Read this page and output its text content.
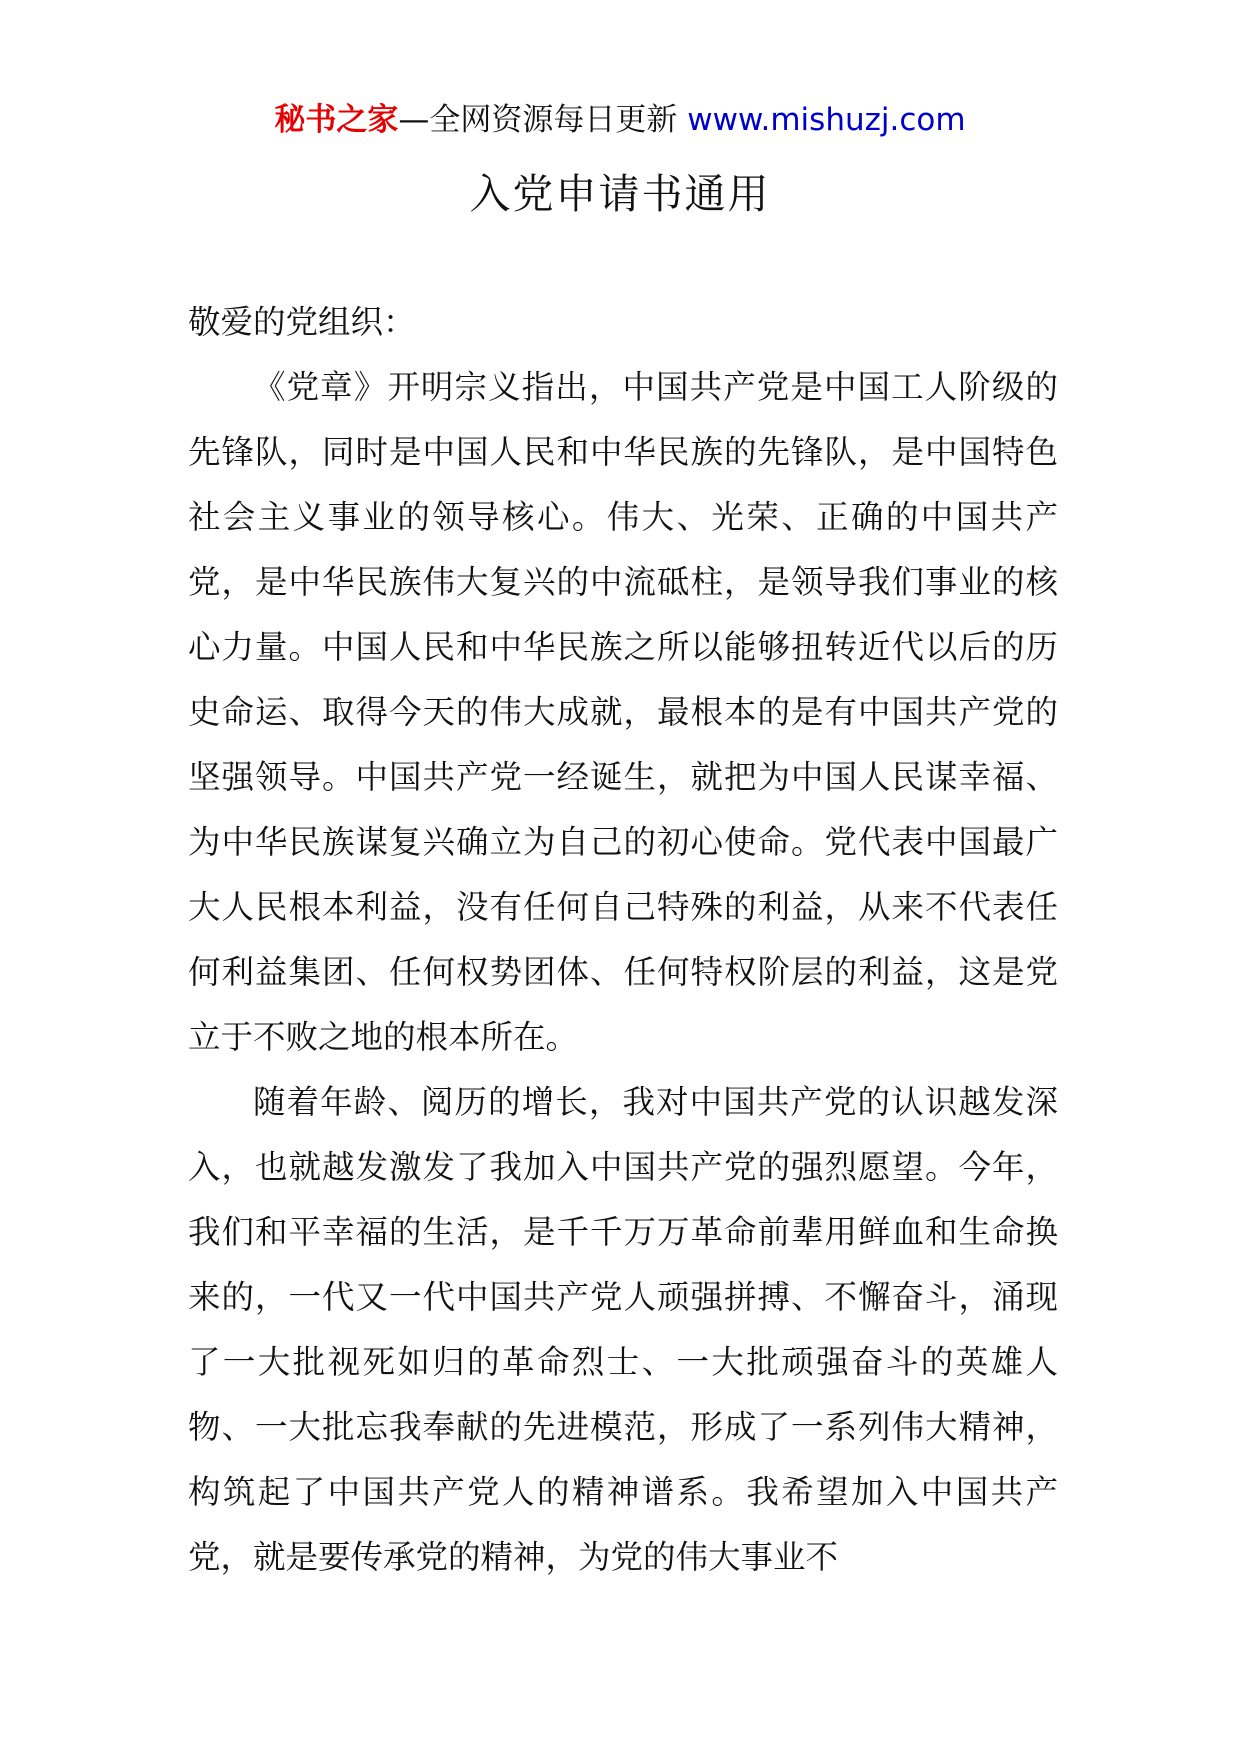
秘书之家—全网资源每日更新 www.mishuzj.com
入党申请书通用

敬爱的党组织：

《党章》开明宗义指出，中国共产党是中国工人阶级的先锋队，同时是中国人民和中华民族的先锋队，是中国特色社会主义事业的领导核心。伟大、光荣、正确的中国共产党，是中华民族伟大复兴的中流砥柱，是领导我们事业的核心力量。中国人民和中华民族之所以能够扭转近代以后的历史命运、取得今天的伟大成就，最根本的是有中国共产党的坚强领导。中国共产党一经诞生，就把为中国人民谋幸福、为中华民族谋复兴确立为自己的初心使命。党代表中国最广大人民根本利益，没有任何自己特殊的利益，从来不代表任何利益集团、任何权势团体、任何特权阶层的利益，这是党立于不败之地的根本所在。

随着年龄、阅历的增长，我对中国共产党的认识越发深入，也就越发激发了我加入中国共产党的强烈愿望。今年，我们和平幸福的生活，是千千万万革命前辈用鲜血和生命换来的，一代又一代中国共产党人顽强拼搏、不懈奋斗，涌现了一大批视死如归的革命烈士、一大批顽强奋斗的英雄人物、一大批忘我奉献的先进模范，形成了一系列伟大精神，构筑起了中国共产党人的精神谱系。我希望加入中国共产党，就是要传承党的精神，为党的伟大事业不
